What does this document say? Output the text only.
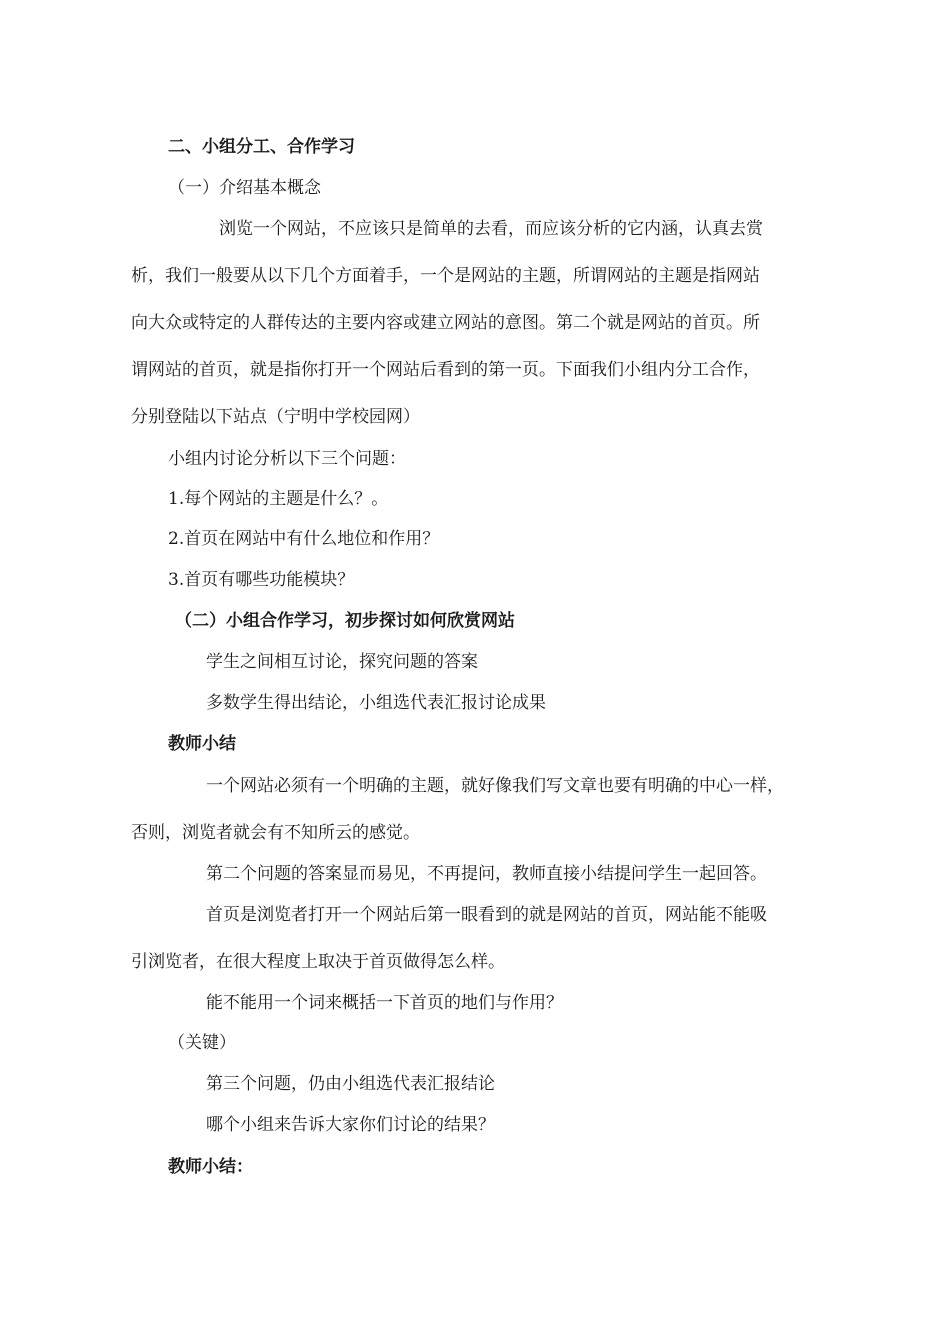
二、小组分工、合作学习
（一）介绍基本概念
浏览一个网站，不应该只是简单的去看，而应该分析的它内涵，认真去赏
析，我们一般要从以下几个方面着手，一个是网站的主题，所谓网站的主题是指网站
向大众或特定的人群传达的主要内容或建立网站的意图。第二个就是网站的首页。所
谓网站的首页，就是指你打开一个网站后看到的第一页。下面我们小组内分工合作，
分别登陆以下站点（宁明中学校园网）
小组内讨论分析以下三个问题：
1.每个网站的主题是什么？。
2.首页在网站中有什么地位和作用？
3.首页有哪些功能模块？
（二）小组合作学习，初步探讨如何欣赏网站
学生之间相互讨论，探究问题的答案
多数学生得出结论，小组选代表汇报讨论成果
教师小结
一个网站必须有一个明确的主题，就好像我们写文章也要有明确的中心一样，
否则，浏览者就会有不知所云的感觉。
第二个问题的答案显而易见，不再提问，教师直接小结提问学生一起回答。
首页是浏览者打开一个网站后第一眼看到的就是网站的首页，网站能不能吸
引浏览者，在很大程度上取决于首页做得怎么样。
能不能用一个词来概括一下首页的地们与作用？
（关键）
第三个问题，仍由小组选代表汇报结论
哪个小组来告诉大家你们讨论的结果？
教师小结：
